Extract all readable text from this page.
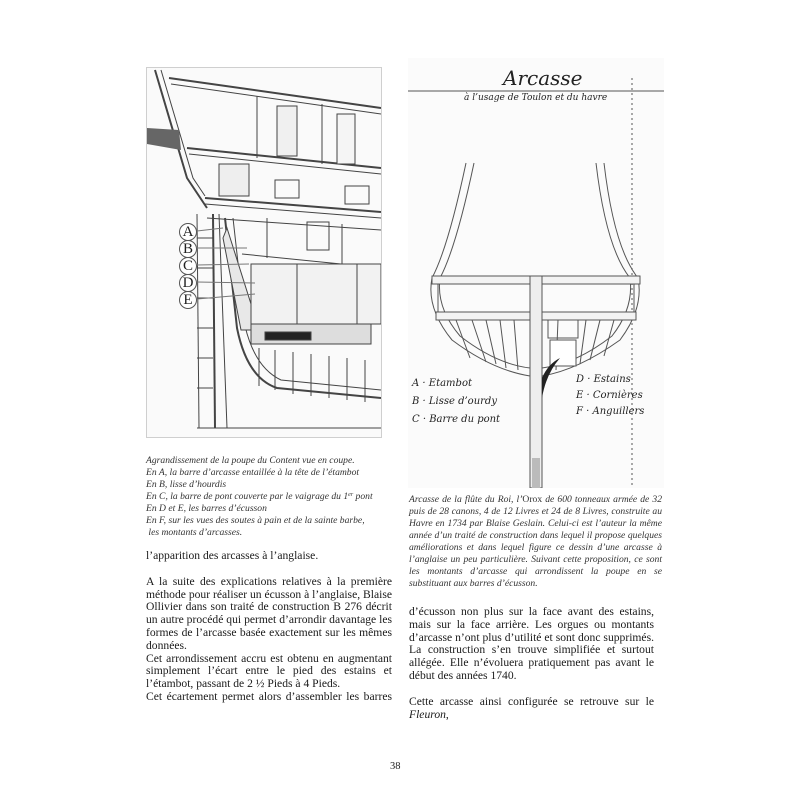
A
B
C
D
E
Arcasse
à l’usage de Toulon et du havre
A · Etambot
B · Lisse d’ourdy
C · Barre du pont
D · Estains
E · Cornières
F · Anguillers
Agrandissement de la poupe du Content vue en coupe.
En A, la barre d’arcasse entaillée à la tête de l’étambot
En B, lisse d’hourdis
En C, la barre de pont couverte par le vaigrage du 1er pont
En D et E, les barres d’écusson
En F, sur les vues des soutes à pain et de la sainte barbe,
les montants d’arcasses.
Arcasse de la flûte du Roi, l’Orox de 600 tonneaux armée de 32 puis de 28 canons, 4 de 12 Livres et 24 de 8 Livres, construite au Havre en 1734 par Blaise Geslain. Celui-ci est l’auteur la même année d’un traité de construction dans lequel il propose quelques améliorations et dans lequel figure ce dessin d’une arcasse à l’anglaise un peu particulière. Suivant cette proposition, ce sont les montants d’arcasse qui arrondissent la poupe en se substituant aux barres d’écusson.

l’apparition des arcasses à l’anglaise.

A la suite des explications relatives à la première méthode pour réaliser un écusson à l’anglaise, Blaise Ollivier dans son traité de construction B 276 décrit un autre procédé qui permet d’arrondir davantage les formes de l’arcasse basée exactement sur les mêmes données.

Cet arrondissement accru est obtenu en augmentant simplement l’écart entre le pied des estains et l’étambot, passant de 2 ½ Pieds à 4 Pieds.

Cet écartement permet alors d’assembler les barres

d’écusson non plus sur la face avant des estains, mais sur la face arrière. Les orgues ou montants d’arcasse n’ont plus d’utilité et sont donc supprimés. La construction s’en trouve simplifiée et surtout allégée. Elle n’évoluera pratiquement pas avant le début des années 1740.

Cette arcasse ainsi configurée se retrouve sur le Fleuron,

38
